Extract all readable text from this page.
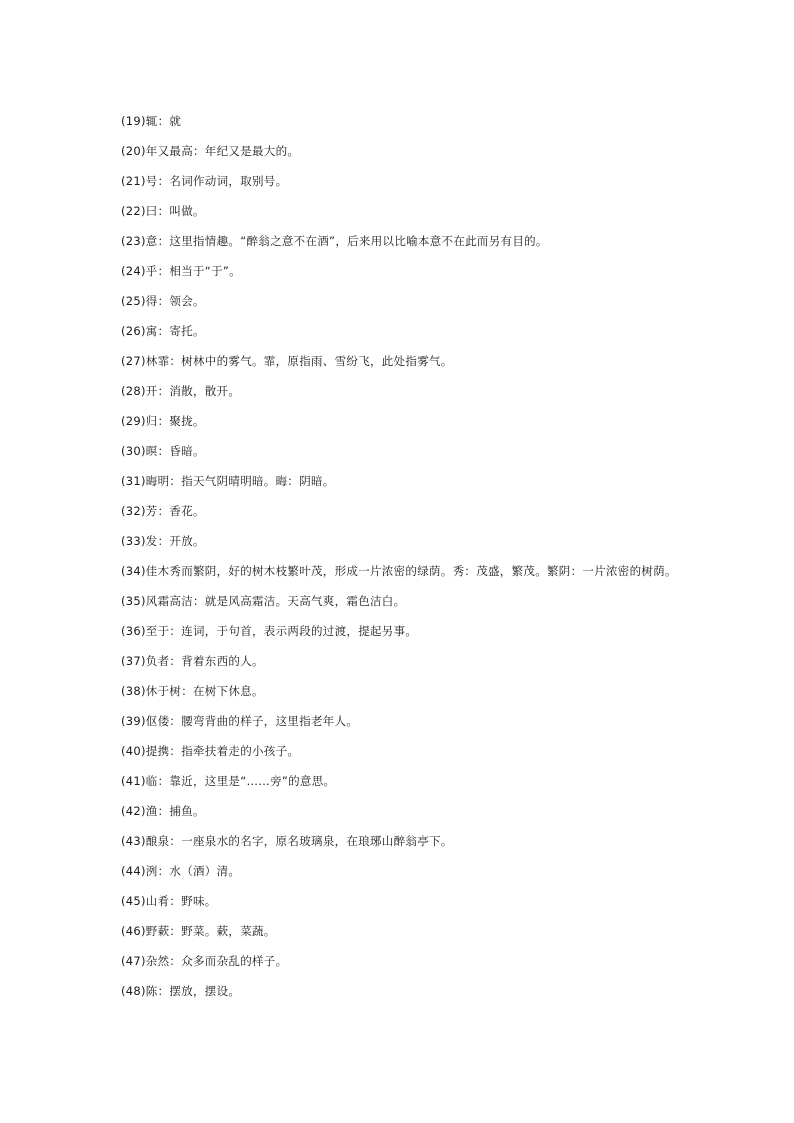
(19)辄：就
(20)年又最高：年纪又是最大的。
(21)号：名词作动词，取别号。
(22)曰：叫做。
(23)意：这里指情趣。“醉翁之意不在酒”，后来用以比喻本意不在此而另有目的。
(24)乎：相当于“于”。
(25)得：领会。
(26)寓：寄托。
(27)林霏：树林中的雾气。霏，原指雨、雪纷飞，此处指雾气。
(28)开：消散，散开。
(29)归：聚拢。
(30)暝：昏暗。
(31)晦明：指天气阴晴明暗。晦：阴暗。
(32)芳：香花。
(33)发：开放。
(34)佳木秀而繁阴，好的树木枝繁叶茂，形成一片浓密的绿荫。秀：茂盛，繁茂。繁阴：一片浓密的树荫。
(35)风霜高洁：就是风高霜洁。天高气爽，霜色洁白。
(36)至于：连词，于句首，表示两段的过渡，提起另事。
(37)负者：背着东西的人。
(38)休于树：在树下休息。
(39)伛偻：腰弯背曲的样子，这里指老年人。
(40)提携：指牵扶着走的小孩子。
(41)临：靠近，这里是“……旁”的意思。
(42)渔：捕鱼。
(43)酿泉：一座泉水的名字，原名玻璃泉，在琅琊山醉翁亭下。
(44)洌：水（酒）清。
(45)山肴：野味。
(46)野蔌：野菜。蔌，菜蔬。
(47)杂然：众多而杂乱的样子。
(48)陈：摆放，摆设。
